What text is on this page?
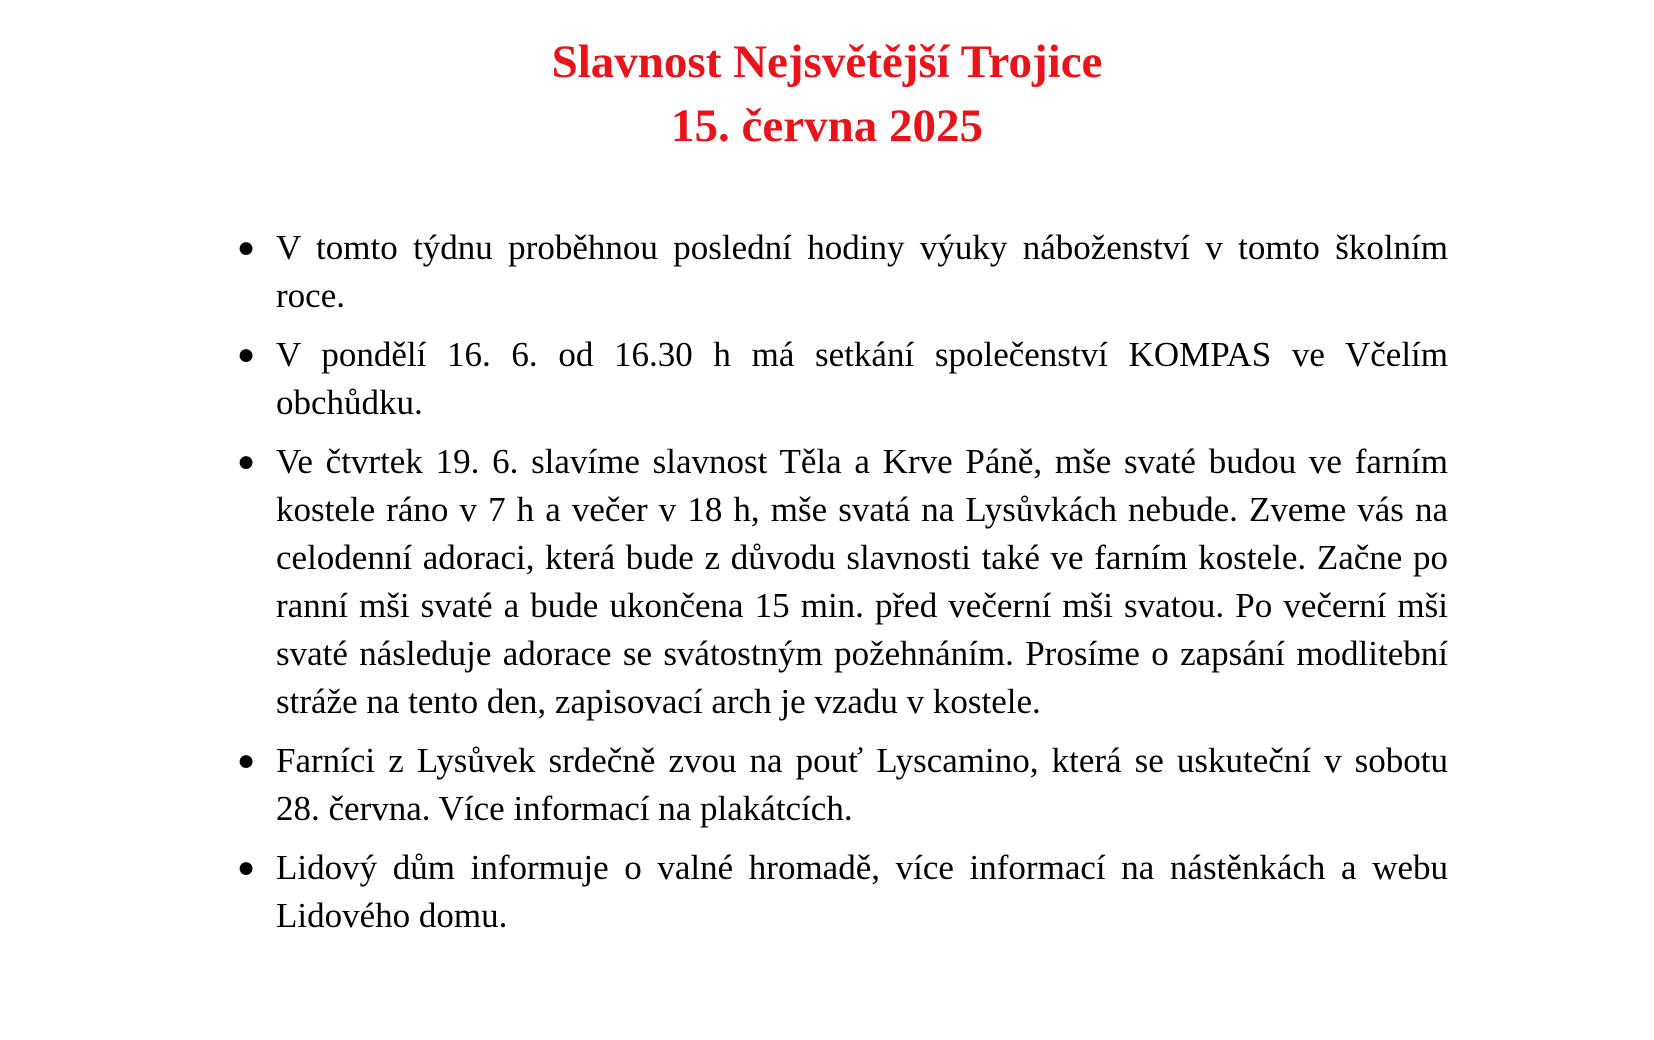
Slavnost Nejsvětější Trojice
15. června 2025
● V tomto týdnu proběhnou poslední hodiny výuky náboženství v tomto školním roce.
● V pondělí 16. 6. od 16.30 h má setkání společenství KOMPAS ve Včelím obchůdku.
● Ve čtvrtek 19. 6. slavíme slavnost Těla a Krve Páně, mše svaté budou ve farním kostele ráno v 7 h a večer v 18 h, mše svatá na Lysůvkách nebude. Zveme vás na celodenní adoraci, která bude z důvodu slavnosti také ve farním kostele. Začne po ranní mši svaté a bude ukončena 15 min. před večerní mši svatou. Po večerní mši svaté následuje adorace se svátostným požehnáním. Prosíme o zapsání modlitební stráže na tento den, zapisovací arch je vzadu v kostele.
● Farníci z Lysůvek srdečně zvou na pouť Lyscamino, která se uskuteční v sobotu 28. června. Více informací na plakátcích.
● Lidový dům informuje o valné hromadě, více informací na nástěnkách a webu Lidového domu.
